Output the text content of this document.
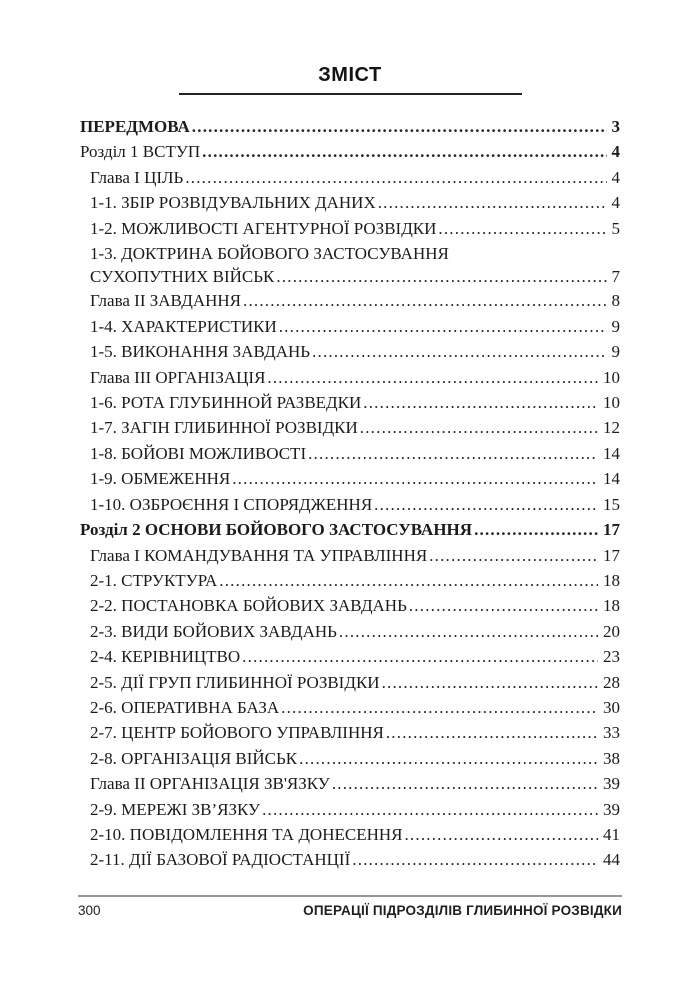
ЗМІСТ
ПЕРЕДМОВА .....	3
Розділ 1 ВСТУП .....	4
Глава I ЦІЛЬ .....	4
1-1. ЗБІР РОЗВІДУВАЛЬНИХ ДАНИХ .....	4
1-2. МОЖЛИВОСТІ АГЕНТУРНОЇ РОЗВІДКИ .....	5
1-3. ДОКТРИНА БОЙОВОГО ЗАСТОСУВАННЯ
СУХОПУТНИХ ВІЙСЬК .....	7
Глава II ЗАВДАННЯ .....	8
1-4. ХАРАКТЕРИСТИКИ .....	9
1-5. ВИКОНАННЯ ЗАВДАНЬ .....	9
Глава III ОРГАНІЗАЦІЯ .....	10
1-6. РОТА ГЛУБИННОЙ РАЗВЕДКИ .....	10
1-7. ЗАГІН ГЛИБИННОЇ РОЗВІДКИ .....	12
1-8. БОЙОВІ МОЖЛИВОСТІ .....	14
1-9. ОБМЕЖЕННЯ .....	14
1-10. ОЗБРОЄННЯ І СПОРЯДЖЕННЯ .....	15
Розділ 2 ОСНОВИ БОЙОВОГО ЗАСТОСУВАННЯ .....	17
Глава I КОМАНДУВАННЯ ТА УПРАВЛІННЯ .....	17
2-1. СТРУКТУРА .....	18
2-2. ПОСТАНОВКА БОЙОВИХ ЗАВДАНЬ .....	18
2-3. ВИДИ БОЙОВИХ ЗАВДАНЬ .....	20
2-4. КЕРІВНИЦТВО .....	23
2-5. ДІЇ ГРУП ГЛИБИННОЇ РОЗВІДКИ .....	28
2-6. ОПЕРАТИВНА БАЗА .....	30
2-7. ЦЕНТР БОЙОВОГО УПРАВЛІННЯ .....	33
2-8. ОРГАНІЗАЦІЯ ВІЙСЬК .....	38
Глава II ОРГАНІЗАЦІЯ ЗВ'ЯЗКУ .....	39
2-9. МЕРЕЖІ ЗВ’ЯЗКУ .....	39
2-10. ПОВІДОМЛЕННЯ ТА ДОНЕСЕННЯ .....	41
2-11. ДІЇ БАЗОВОЇ РАДІОСТАНЦІЇ .....	44
300	ОПЕРАЦІЇ ПІДРОЗДІЛІВ ГЛИБИННОЇ РОЗВІДКИ
